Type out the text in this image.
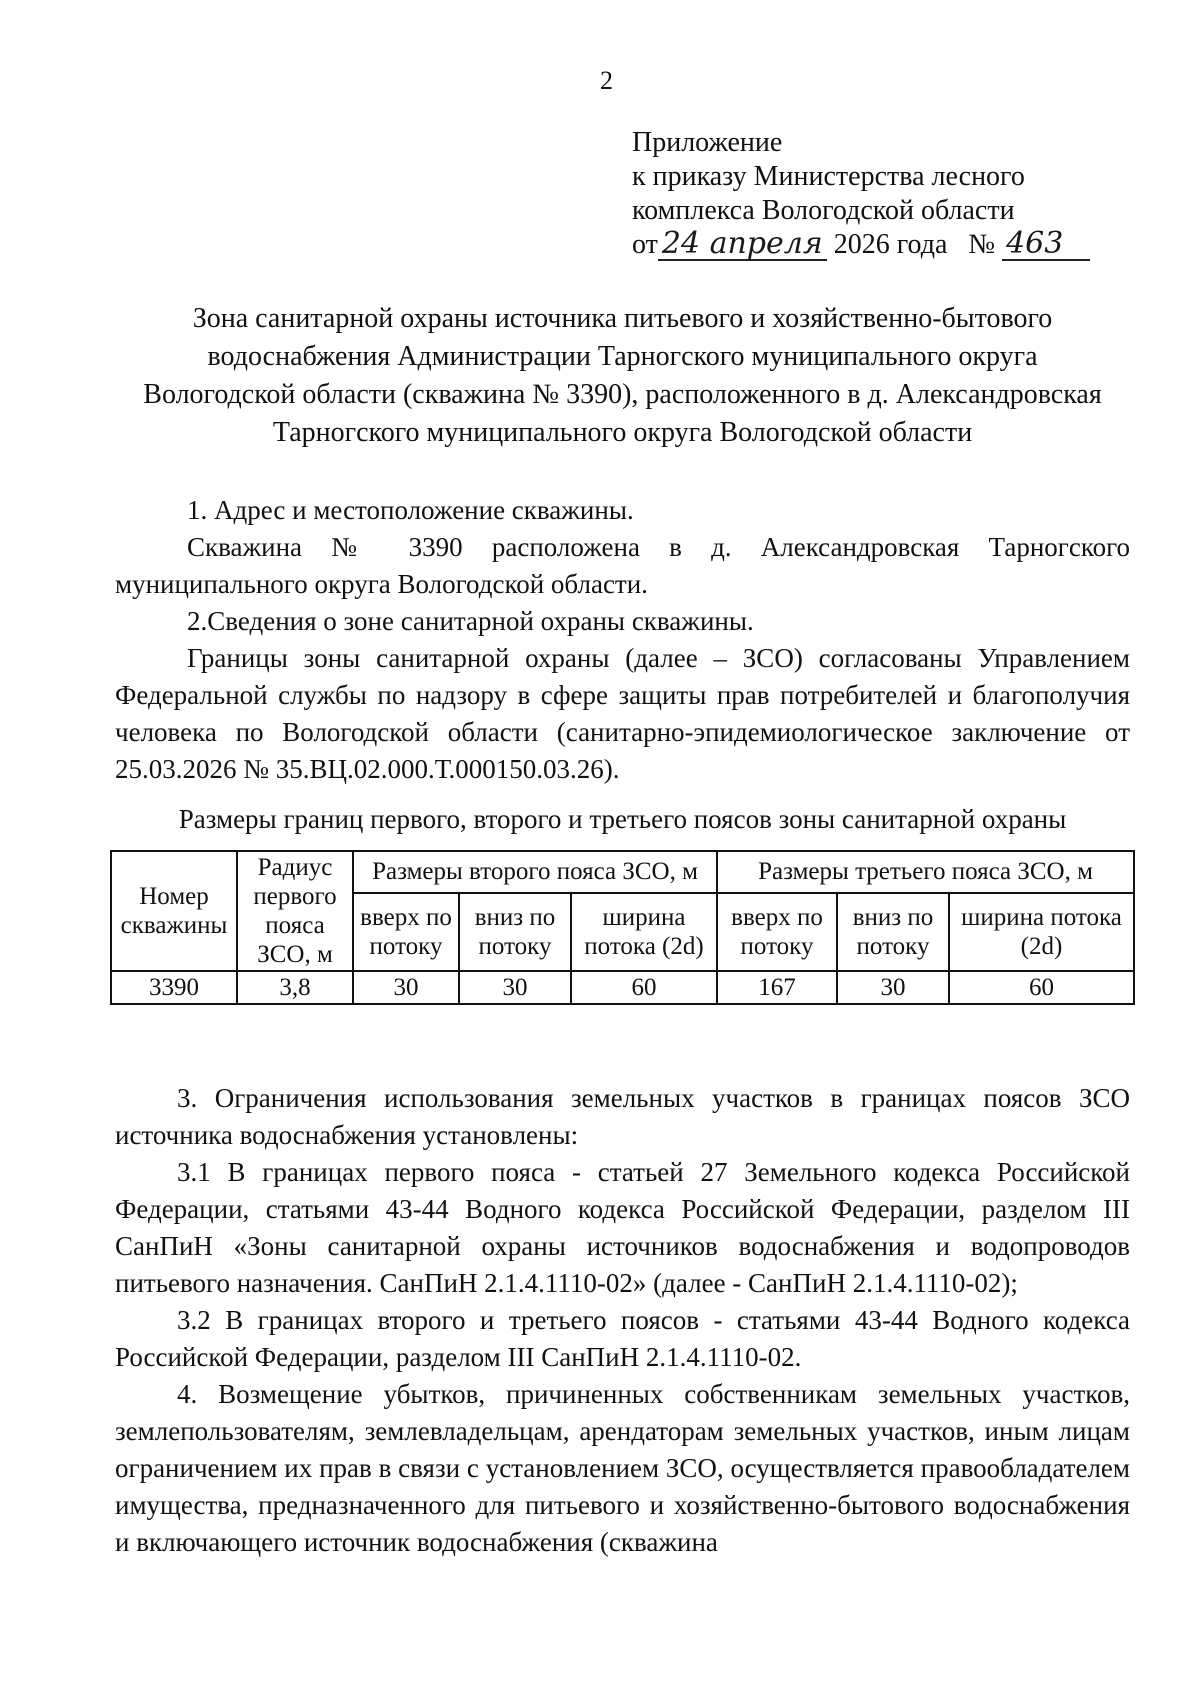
2
Приложение
к приказу Министерства лесного
комплекса Вологодской области
от 24 апреля 2026 года № 463
Зона санитарной охраны источника питьевого и хозяйственно-бытового
водоснабжения Администрации Тарногского муниципального округа
Вологодской области (скважина № 3390), расположенного в д. Александровская
Тарногского муниципального округа Вологодской области

1. Адрес и местоположение скважины.

Скважина № 3390 расположена в д. Александровская Тарногского муниципального округа Вологодской области.

2.Сведения о зоне санитарной охраны скважины.

Границы зоны санитарной охраны (далее – ЗСО) согласованы Управлением Федеральной службы по надзору в сфере защиты прав потребителей и благополучия человека по Вологодской области (санитарно-эпидемиологическое заключение от 25.03.2026 № 35.ВЦ.02.000.Т.000150.03.26).

Размеры границ первого, второго и третьего поясов зоны санитарной охраны
Номер скважины	Радиус первого пояса ЗСО, м	Размеры второго пояса ЗСО, м			Размеры третьего пояса ЗСО, м		
		вверх по потоку	вниз по потоку	ширина потока (2d)	вверх по потоку	вниз по потоку	ширина потока (2d)
3390	3,8	30	30	60	167	30	60

3. Ограничения использования земельных участков в границах поясов ЗСО источника водоснабжения установлены:

3.1 В границах первого пояса - статьей 27 Земельного кодекса Российской Федерации, статьями 43-44 Водного кодекса Российской Федерации, разделом III СанПиН «Зоны санитарной охраны источников водоснабжения и водопроводов питьевого назначения. СанПиН 2.1.4.1110-02» (далее - СанПиН 2.1.4.1110-02);

3.2 В границах второго и третьего поясов - статьями 43-44 Водного кодекса Российской Федерации, разделом III СанПиН 2.1.4.1110-02.

4. Возмещение убытков, причиненных собственникам земельных участков, землепользователям, землевладельцам, арендаторам земельных участков, иным лицам ограничением их прав в связи с установлением ЗСО, осуществляется правообладателем имущества, предназначенного для питьевого и хозяйственно-бытового водоснабжения и включающего источник водоснабжения (скважина
